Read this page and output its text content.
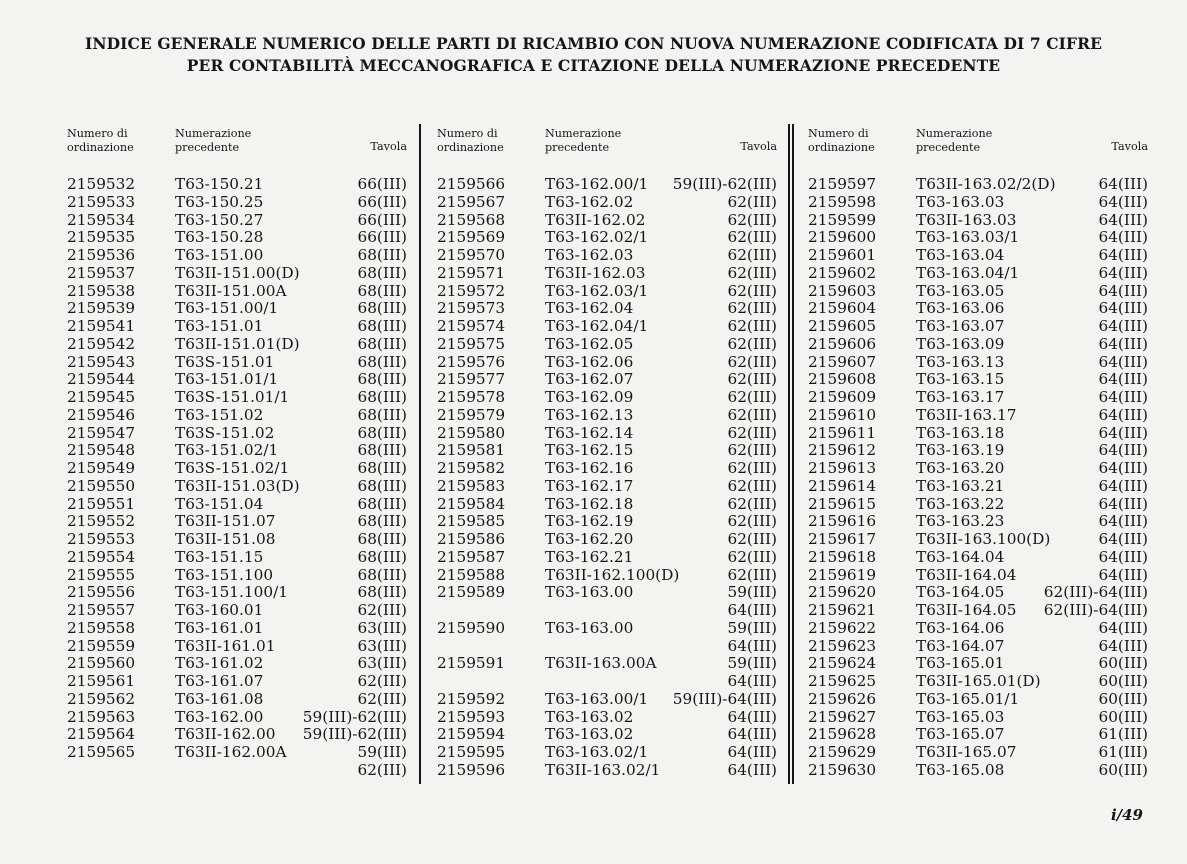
INDICE GENERALE NUMERICO DELLE PARTI DI RICAMBIO CON NUOVA NUMERAZIONE CODIFICATA DI 7 CIFRE
PER CONTABILITÀ MECCANOGRAFICA E CITAZIONE DELLA NUMERAZIONE PRECEDENTE
Numero di
ordinazione
Numerazione
precedente	Tavola
2159532	T63-150.21	66(III)
2159533	T63-150.25	66(III)
2159534	T63-150.27	66(III)
2159535	T63-150.28	66(III)
2159536	T63-151.00	68(III)
2159537	T63II-151.00(D)	68(III)
2159538	T63II-151.00A	68(III)
2159539	T63-151.00/1	68(III)
2159541	T63-151.01	68(III)
2159542	T63II-151.01(D)	68(III)
2159543	T63S-151.01	68(III)
2159544	T63-151.01/1	68(III)
2159545	T63S-151.01/1	68(III)
2159546	T63-151.02	68(III)
2159547	T63S-151.02	68(III)
2159548	T63-151.02/1	68(III)
2159549	T63S-151.02/1	68(III)
2159550	T63II-151.03(D)	68(III)
2159551	T63-151.04	68(III)
2159552	T63II-151.07	68(III)
2159553	T63II-151.08	68(III)
2159554	T63-151.15	68(III)
2159555	T63-151.100	68(III)
2159556	T63-151.100/1	68(III)
2159557	T63-160.01	62(III)
2159558	T63-161.01	63(III)
2159559	T63II-161.01	63(III)
2159560	T63-161.02	63(III)
2159561	T63-161.07	62(III)
2159562	T63-161.08	62(III)
2159563	T63-162.00	59(III)-62(III)
2159564	T63II-162.00 59(III)-62(III)
2159565	T63II-162.00A	59(III)
62(III)
Numero di
ordinazione
Numerazione
precedente	Tavola
2159566	T63-162.00/1 59(III)-62(III)
2159567	T63-162.02	62(III)
2159568	T63II-162.02	62(III)
2159569	T63-162.02/1	62(III)
2159570	T63-162.03	62(III)
2159571	T63II-162.03	62(III)
2159572	T63-162.03/1	62(III)
2159573	T63-162.04	62(III)
2159574	T63-162.04/1	62(III)
2159575	T63-162.05	62(III)
2159576	T63-162.06	62(III)
2159577	T63-162.07	62(III)
2159578	T63-162.09	62(III)
2159579	T63-162.13	62(III)
2159580	T63-162.14	62(III)
2159581	T63-162.15	62(III)
2159582	T63-162.16	62(III)
2159583	T63-162.17	62(III)
2159584	T63-162.18	62(III)
2159585	T63-162.19	62(III)
2159586	T63-162.20	62(III)
2159587	T63-162.21	62(III)
2159588	T63II-162.100(D)	62(III)
2159589	T63-163.00	59(III)
64(III)
2159590	T63-163.00	59(III)
64(III)
2159591	T63II-163.00A	59(III)
64(III)
2159592	T63-163.00/1 59(III)-64(III)
2159593	T63-163.02	64(III)
2159594	T63-163.02	64(III)
2159595	T63-163.02/1	64(III)
2159596	T63II-163.02/1	64(III)
Numero di
ordinazione
Numerazione
precedente	Tavola
2159597	T63II-163.02/2(D)	64(III)
2159598	T63-163.03	64(III)
2159599	T63II-163.03	64(III)
2159600	T63-163.03/1	64(III)
2159601	T63-163.04	64(III)
2159602	T63-163.04/1	64(III)
2159603	T63-163.05	64(III)
2159604	T63-163.06	64(III)
2159605	T63-163.07	64(III)
2159606	T63-163.09	64(III)
2159607	T63-163.13	64(III)
2159608	T63-163.15	64(III)
2159609	T63-163.17	64(III)
2159610	T63II-163.17	64(III)
2159611	T63-163.18	64(III)
2159612	T63-163.19	64(III)
2159613	T63-163.20	64(III)
2159614	T63-163.21	64(III)
2159615	T63-163.22	64(III)
2159616	T63-163.23	64(III)
2159617	T63II-163.100(D)	64(III)
2159618	T63-164.04	64(III)
2159619	T63II-164.04	64(III)
2159620	T63-164.05	62(III)-64(III)
2159621	T63II-164.05 62(III)-64(III)
2159622	T63-164.06	64(III)
2159623	T63-164.07	64(III)
2159624	T63-165.01	60(III)
2159625	T63II-165.01(D)	60(III)
2159626	T63-165.01/1	60(III)
2159627	T63-165.03	60(III)
2159628	T63-165.07	61(III)
2159629	T63II-165.07	61(III)
2159630	T63-165.08	60(III)
i/49
